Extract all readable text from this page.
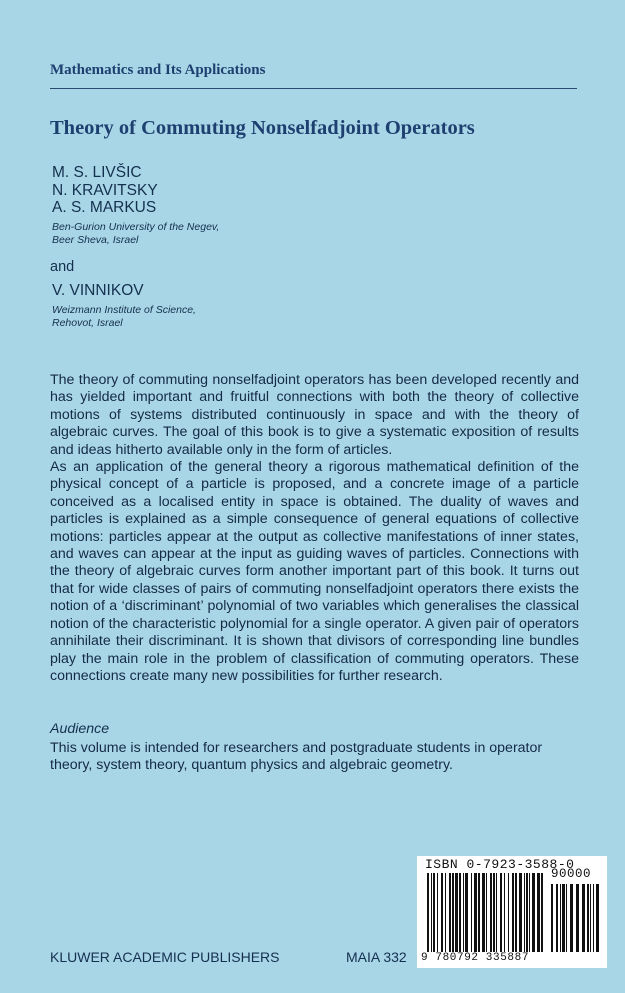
Mathematics and Its Applications
Theory of Commuting Nonselfadjoint Operators
M. S. LIVŠIC
N. KRAVITSKY
A. S. MARKUS
Ben-Gurion University of the Negev,
Beer Sheva, Israel
and
V. VINNIKOV
Weizmann Institute of Science,
Rehovot, Israel

The theory of commuting nonselfadjoint operators has been developed recently and has yielded important and fruitful connections with both the theory of collective motions of systems distributed continuously in space and with the theory of algebraic curves. The goal of this book is to give a systematic exposition of results and ideas hitherto available only in the form of articles.

As an application of the general theory a rigorous mathematical definition of the physical concept of a particle is proposed, and a concrete image of a particle conceived as a localised entity in space is obtained. The duality of waves and particles is explained as a simple consequence of general equations of collective motions: particles appear at the output as collective manifestations of inner states, and waves can appear at the input as guiding waves of particles. Connections with the theory of algebraic curves form another important part of this book. It turns out that for wide classes of pairs of commuting nonselfadjoint operators there exists the notion of a ‘discriminant’ polynomial of two variables which generalises the classical notion of the characteristic polynomial for a single operator. A given pair of operators annihilate their discriminant. It is shown that divisors of corresponding line bundles play the main role in the problem of classification of commuting operators. These connections create many new possibilities for further research.

Audience
This volume is intended for researchers and postgraduate students in operator theory, system theory, quantum physics and algebraic geometry.
KLUWER ACADEMIC PUBLISHERS	MAIA 332
ISBN 0-7923-3588-0
90000
9 780792 335887
